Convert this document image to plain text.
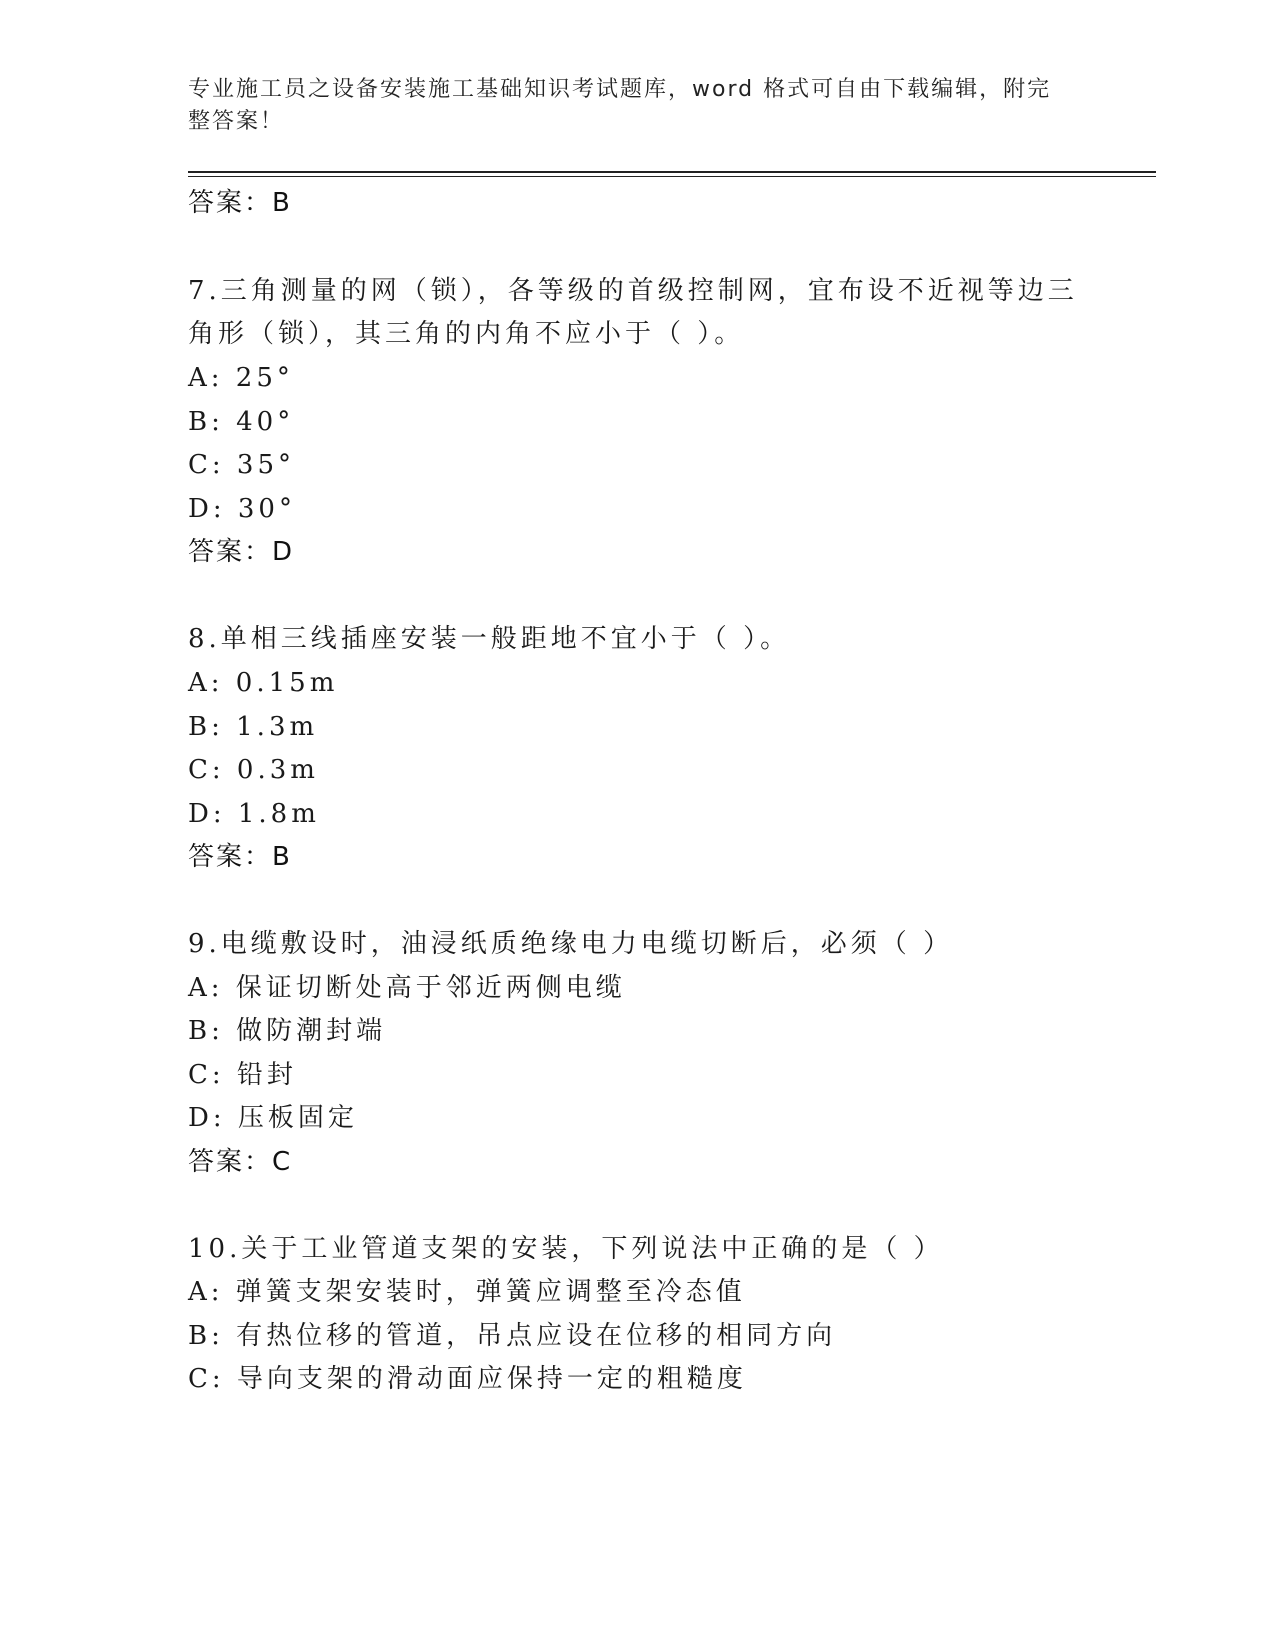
专业施工员之设备安装施工基础知识考试题库，word 格式可自由下载编辑，附完
整答案！
答案：B
7.三角测量的网（锁），各等级的首级控制网，宜布设不近视等边三
角形（锁），其三角的内角不应小于（ ）。
A: 25°
B: 40°
C: 35°
D: 30°
答案：D
8.单相三线插座安装一般距地不宜小于（ ）。
A: 0.15m
B: 1.3m
C: 0.3m
D: 1.8m
答案：B
9.电缆敷设时，油浸纸质绝缘电力电缆切断后，必须（ ）
A: 保证切断处高于邻近两侧电缆
B: 做防潮封端
C: 铅封
D: 压板固定
答案：C
10.关于工业管道支架的安装，下列说法中正确的是（ ）
A: 弹簧支架安装时，弹簧应调整至冷态值
B: 有热位移的管道，吊点应设在位移的相同方向
C: 导向支架的滑动面应保持一定的粗糙度
